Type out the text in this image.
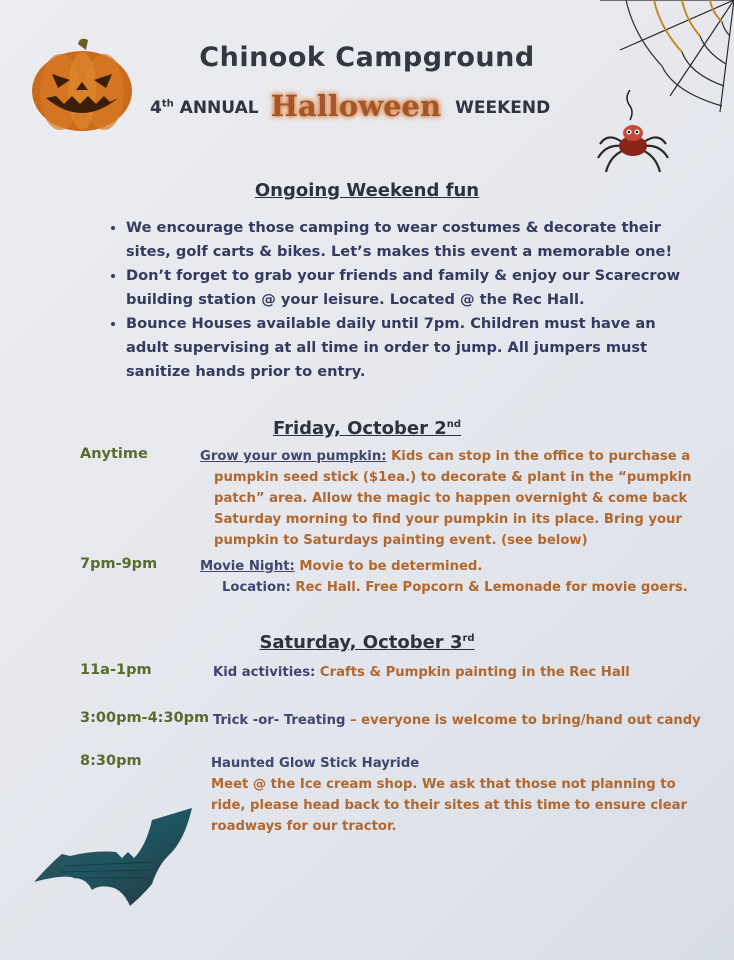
Chinook Campground
4th ANNUAL Halloween WEEKEND
Ongoing Weekend fun
• We encourage those camping to wear costumes & decorate their sites, golf carts & bikes. Let’s makes this event a memorable one!
• Don’t forget to grab your friends and family & enjoy our Scarecrow building station @ your leisure. Located @ the Rec Hall.
• Bounce Houses available daily until 7pm. Children must have an adult supervising at all time in order to jump. All jumpers must sanitize hands prior to entry.
Friday, October 2nd
Anytime	Grow your own pumpkin: Kids can stop in the office to purchase a
pumpkin seed stick ($1ea.) to decorate & plant in the “pumpkin
patch” area. Allow the magic to happen overnight & come back
Saturday morning to find your pumpkin in its place. Bring your
pumpkin to Saturdays painting event. (see below)
7pm-9pm	Movie Night: Movie to be determined.
Location: Rec Hall. Free Popcorn & Lemonade for movie goers.
Saturday, October 3rd
11a-1pm	Kid activities: Crafts & Pumpkin painting in the Rec Hall
3:00pm-4:30pm Trick -or- Treating – everyone is welcome to bring/hand out candy
8:30pm	Haunted Glow Stick Hayride
Meet @ the Ice cream shop. We ask that those not planning to
ride, please head back to their sites at this time to ensure clear
roadways for our tractor.
